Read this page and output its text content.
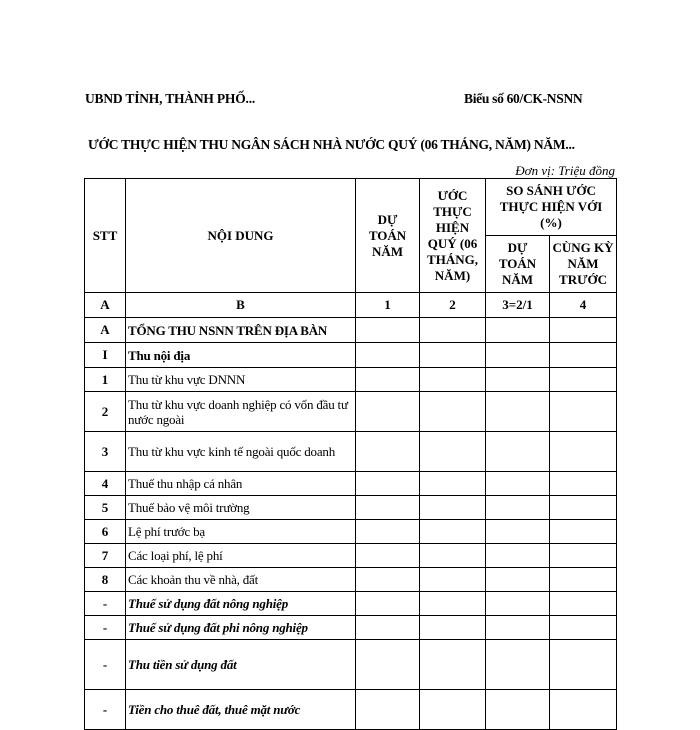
UBND TỈNH, THÀNH PHỐ...	Biểu số 60/CK-NSNN
ƯỚC THỰC HIỆN THU NGÂN SÁCH NHÀ NƯỚC QUÝ (06 THÁNG, NĂM) NĂM...
Đơn vị: Triệu đồng
STT	NỘI DUNG	DỰ TOÁN NĂM	ƯỚC THỰC HIỆN QUÝ (06 THÁNG, NĂM)	SO SÁNH ƯỚC THỰC HIỆN VỚI (%)	
				DỰ TOÁN NĂM	CÙNG KỲ NĂM TRƯỚC
A	B	1	2	3=2/1	4
A	TỔNG THU NSNN TRÊN ĐỊA BÀN				
I	Thu nội địa				
1	Thu từ khu vực DNNN				
2	Thu từ khu vực doanh nghiệp có vốn đầu tư nước ngoài				
3	Thu từ khu vực kinh tế ngoài quốc doanh				
4	Thuế thu nhập cá nhân				
5	Thuế bảo vệ môi trường				
6	Lệ phí trước bạ				
7	Các loại phí, lệ phí				
8	Các khoản thu về nhà, đất				
-	Thuế sử dụng đất nông nghiệp				
-	Thuế sử dụng đất phi nông nghiệp				
-	Thu tiền sử dụng đất				
-	Tiền cho thuê đất, thuê mặt nước				
